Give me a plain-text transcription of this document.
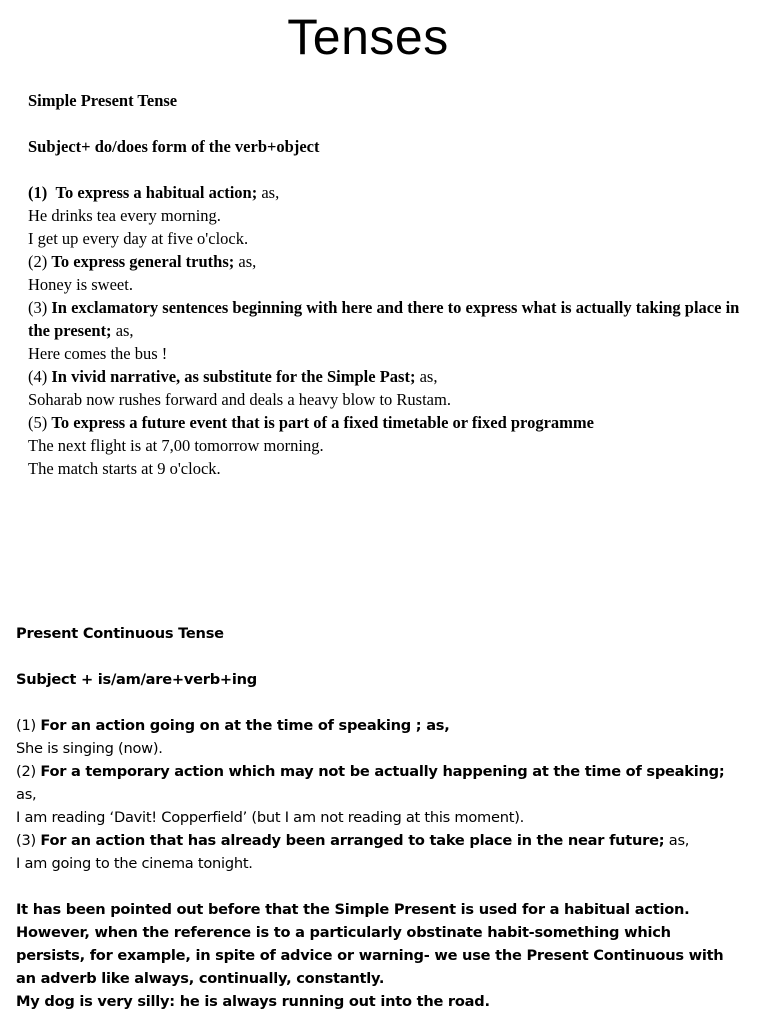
Tenses
Simple Present Tense
Subject+ do/does form of the verb+object
(1) To express a habitual action; as,
He drinks tea every morning.
I get up every day at five o'clock.
(2) To express general truths; as,
Honey is sweet.
(3) In exclamatory sentences beginning with here and there to express what is actually taking place in the present; as,
Here comes the bus !
(4) In vivid narrative, as substitute for the Simple Past; as,
Soharab now rushes forward and deals a heavy blow to Rustam.
(5) To express a future event that is part of a fixed timetable or fixed programme
The next flight is at 7,00 tomorrow morning.
The match starts at 9 o'clock.
Present Continuous Tense
Subject + is/am/are+verb+ing
(1) For an action going on at the time of speaking ; as,
She is singing (now).
(2) For a temporary action which may not be actually happening at the time of speaking;
as,
I am reading ‘Davit! Copperfield’ (but I am not reading at this moment).
(3) For an action that has already been arranged to take place in the near future; as,
I am going to the cinema tonight.
It has been pointed out before that the Simple Present is used for a habitual action.
However, when the reference is to a particularly obstinate habit-something which
persists, for example, in spite of advice or warning- we use the Present Continuous with
an adverb like always, continually, constantly.
My dog is very silly: he is always running out into the road.
